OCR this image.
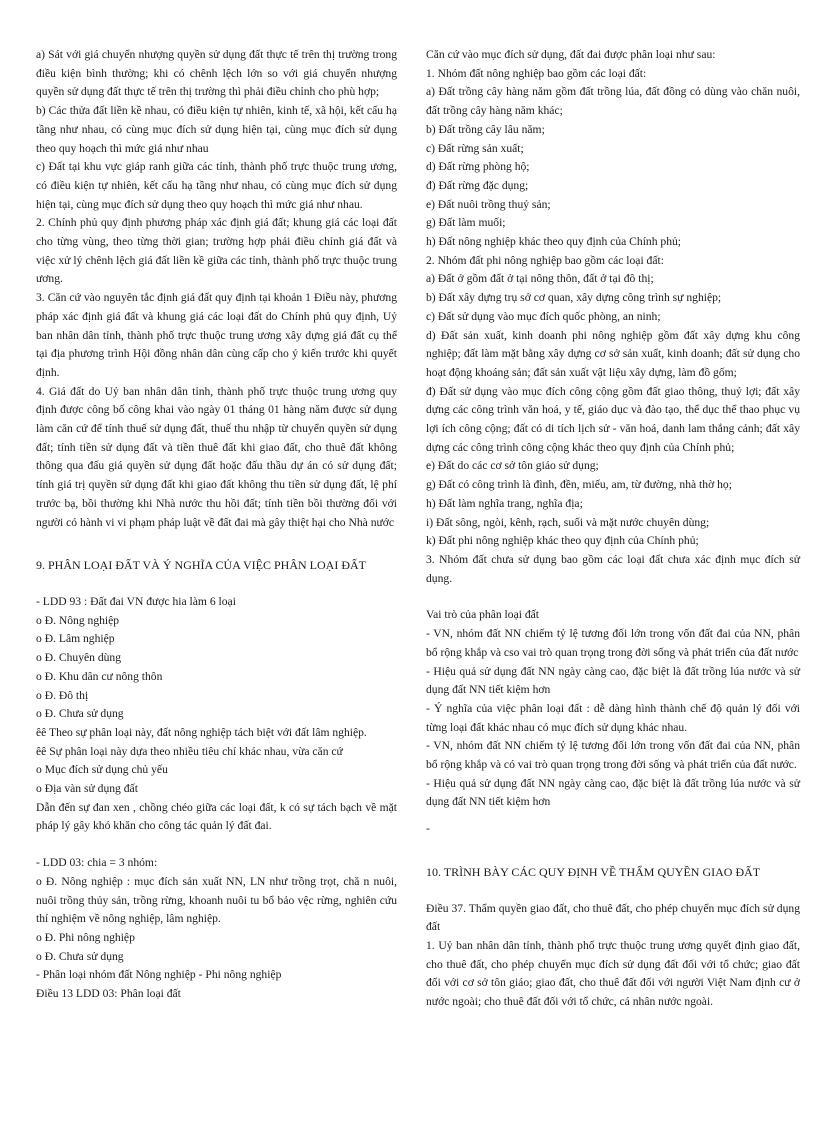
a) Sát với giá chuyển nhượng quyền sử dụng đất thực tế trên thị trường trong điều kiện bình thường; khi có chênh lệch lớn so với giá chuyển nhượng quyền sử dụng đất thực tế trên thị trường thì phải điều chỉnh cho phù hợp;

b) Các thửa đất liền kề nhau, có điều kiện tự nhiên, kinh tế, xã hội, kết cấu hạ tầng như nhau, có cùng mục đích sử dụng hiện tại, cùng mục đích sử dụng theo quy hoạch thì mức giá như nhau

c) Đất tại khu vực giáp ranh giữa các tỉnh, thành phố trực thuộc trung ương, có điều kiện tự nhiên, kết cấu hạ tầng như nhau, có cùng mục đích sử dụng hiện tại, cùng mục đích sử dụng theo quy hoạch thì mức giá như nhau.

2. Chính phủ quy định phương pháp xác định giá đất; khung giá các loại đất cho từng vùng, theo từng thời gian; trường hợp phải điều chỉnh giá đất và việc xử lý chênh lệch giá đất liền kề giữa các tỉnh, thành phố trực thuộc trung ương.

3. Căn cứ vào nguyên tắc định giá đất quy định tại khoản 1 Điều này, phương pháp xác định giá đất và khung giá các loại đất do Chính phủ quy định, Uỷ ban nhân dân tỉnh, thành phố trực thuộc trung ương xây dựng giá đất cụ thể tại địa phương trình Hội đồng nhân dân cùng cấp cho ý kiến trước khi quyết định.

4. Giá đất do Uỷ ban nhân dân tỉnh, thành phố trực thuộc trung ương quy định được công bố công khai vào ngày 01 tháng 01 hàng năm được sử dụng làm căn cứ để tính thuế sử dụng đất, thuế thu nhập từ chuyển quyền sử dụng đất; tính tiền sử dụng đất và tiền thuê đất khi giao đất, cho thuê đất không thông qua đấu giá quyền sử dụng đất hoặc đấu thầu dự án có sử dụng đất; tính giá trị quyền sử dụng đất khi giao đất không thu tiền sử dụng đất, lệ phí trước bạ, bồi thường khi Nhà nước thu hồi đất; tính tiền bồi thường đối với người có hành vi vi phạm pháp luật về đất đai mà gây thiệt hại cho Nhà nước

9. PHÂN LOẠI ĐẤT VÀ Ý NGHĨA CỦA VIỆC PHÂN LOẠI ĐẤT

- LDD 93 : Đất đai VN được hia làm 6 loại

o Đ. Nông nghiệp

o Đ. Lâm nghiệp

o Đ. Chuyên dùng

o Đ. Khu dân cư nông thôn

o Đ. Đô thị

o Đ. Chưa sử dụng

êê Theo sự phân loại này, đất nông nghiệp tách biệt với đất lâm nghiệp.

êê Sự phân loại này dựa theo nhiều tiêu chí khác nhau, vừa căn cứ

o Mục đích sử dụng chủ yếu

o Địa vàn sử dụng đất

Dẫn đến sự đan xen , chồng chéo giữa các loại đất, k có sự tách bạch về mặt pháp lý gây khó khăn cho công tác quản lý đất đai.

- LDD 03: chia = 3 nhóm:

o Đ. Nông nghiệp : mục đích sản xuất NN, LN như trồng trọt, chă n nuôi, nuôi trồng thủy sản, trồng rừng, khoanh nuôi tu bổ bảo vệc rừng, nghiên cứu thí nghiệm về nông nghiệp, lâm nghiệp.

o Đ. Phi nông nghiệp

o Đ. Chưa sử dụng

- Phân loại nhóm đất Nông nghiệp - Phi nông nghiệp

Điều 13 LDD 03: Phân loại đất

Căn cứ vào mục đích sử dụng, đất đai được phân loại như sau:

1. Nhóm đất nông nghiệp bao gồm các loại đất:

a) Đất trồng cây hàng năm gồm đất trồng lúa, đất đồng cỏ dùng vào chăn nuôi, đất trồng cây hàng năm khác;

b) Đất trồng cây lâu năm;

c) Đất rừng sản xuất;

d) Đất rừng phòng hộ;

đ) Đất rừng đặc dụng;

e) Đất nuôi trồng thuỷ sản;

g) Đất làm muối;

h) Đất nông nghiệp khác theo quy định của Chính phủ;

2. Nhóm đất phi nông nghiệp bao gồm các loại đất:

a) Đất ở gồm đất ở tại nông thôn, đất ở tại đô thị;

b) Đất xây dựng trụ sở cơ quan, xây dựng công trình sự nghiệp;

c) Đất sử dụng vào mục đích quốc phòng, an ninh;

d) Đất sản xuất, kinh doanh phi nông nghiệp gồm đất xây dựng khu công nghiệp; đất làm mặt bằng xây dựng cơ sở sản xuất, kinh doanh; đất sử dụng cho hoạt động khoáng sản; đất sản xuất vật liệu xây dựng, làm đồ gốm;

đ) Đất sử dụng vào mục đích công cộng gồm đất giao thông, thuỷ lợi; đất xây dựng các công trình văn hoá, y tế, giáo dục và đào tạo, thể dục thể thao phục vụ lợi ích công cộng; đất có di tích lịch sử - văn hoá, danh lam thắng cảnh; đất xây dựng các công trình công cộng khác theo quy định của Chính phủ;

e) Đất do các cơ sở tôn giáo sử dụng;

g) Đất có công trình là đình, đền, miếu, am, từ đường, nhà thờ họ;

h) Đất làm nghĩa trang, nghĩa địa;

i) Đất sông, ngòi, kênh, rạch, suối và mặt nước chuyên dùng;

k) Đất phi nông nghiệp khác theo quy định của Chính phủ;

3. Nhóm đất chưa sử dụng bao gồm các loại đất chưa xác định mục đích sử dụng.

Vai trò của phân loại đất

- VN, nhóm đất NN chiếm tỷ lệ tương đối lớn trong vốn đất đai của NN, phân bổ rộng khắp và cso vai trò quan trọng trong đời sống và phát triển của đất nước

- Hiệu quả sử dụng đất NN ngày càng cao, đặc biệt là đất trồng lúa nước và sử dụng đất NN tiết kiệm hơn

- Ý nghĩa của việc phân loại đất : dễ dàng hình thành chế độ quản lý đối với từng loại đất khác nhau có mục đích sử dụng khác nhau.

- VN, nhóm đất NN chiếm tỷ lệ tương đối lớn trong vốn đất đai của NN, phân bổ rộng khắp và có vai trò quan trọng trong đời sống và phát triển của đất nước.

- Hiệu quả sử dụng đất NN ngày càng cao, đặc biệt là đất trồng lúa nước và sử dụng đất NN tiết kiệm hơn

-

10. TRÌNH BÀY CÁC QUY ĐỊNH VỀ THẨM QUYỀN GIAO ĐẤT

Điều 37. Thẩm quyền giao đất, cho thuê đất, cho phép chuyển mục đích sử dụng đất

1. Uỷ ban nhân dân tỉnh, thành phố trực thuộc trung ương quyết định giao đất, cho thuê đất, cho phép chuyển mục đích sử dụng đất đối với tổ chức; giao đất đối với cơ sở tôn giáo; giao đất, cho thuê đất đối với người Việt Nam định cư ở nước ngoài; cho thuê đất đối với tổ chức, cá nhân nước ngoài.
